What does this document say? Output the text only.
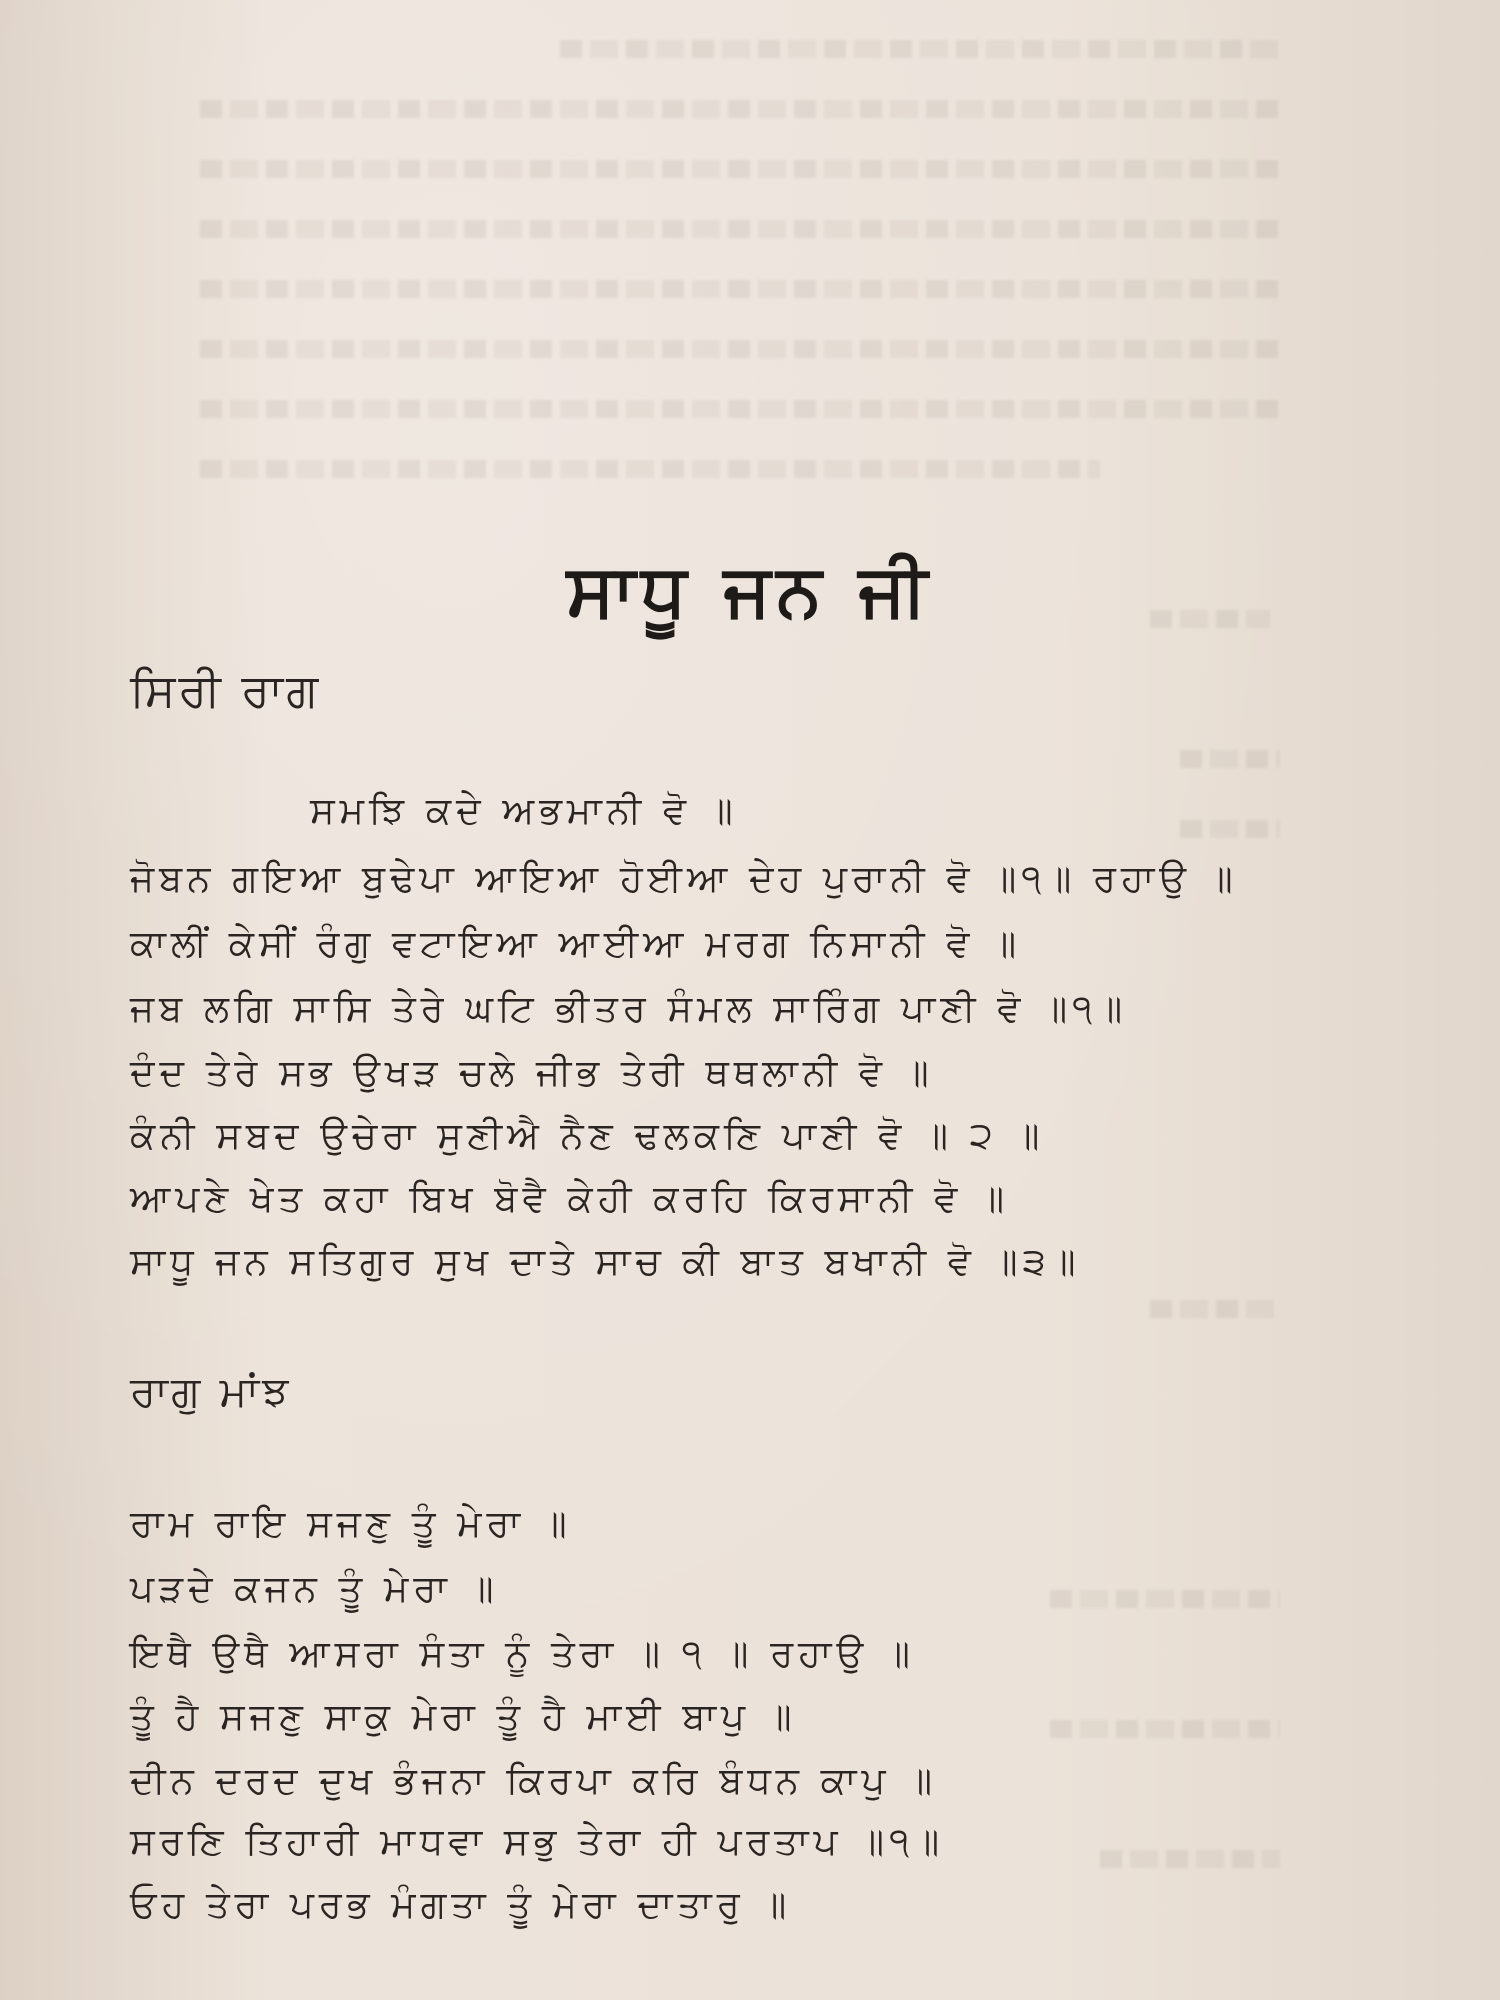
ਸਾਧੂ ਜਨ ਜੀ
ਸਿਰੀ ਰਾਗ

ਸਮਝਿ ਕਦੇ ਅਭਮਾਨੀ ਵੋ ॥

ਜੋਬਨ ਗਇਆ ਬੁਢੇਪਾ ਆਇਆ ਹੋਈਆ ਦੇਹ ਪੁਰਾਨੀ ਵੋ ॥੧॥ ਰਹਾਉ ॥

ਕਾਲੀਂ ਕੇਸੀਂ ਰੰਗੁ ਵਟਾਇਆ ਆਈਆ ਮਰਗ ਨਿਸਾਨੀ ਵੋ ॥

ਜਬ ਲਗਿ ਸਾਸਿ ਤੇਰੇ ਘਟਿ ਭੀਤਰ ਸੰਮਲ ਸਾਰਿੰਗ ਪਾਣੀ ਵੋ ॥੧॥

ਦੰਦ ਤੇਰੇ ਸਭ ਉਖੜ ਚਲੇ ਜੀਭ ਤੇਰੀ ਥਥਲਾਨੀ ਵੋ ॥

ਕੰਨੀ ਸਬਦ ਉਚੇਰਾ ਸੁਣੀਐ ਨੈਣ ਢਲਕਣਿ ਪਾਣੀ ਵੋ ॥ ੨ ॥

ਆਪਣੇ ਖੇਤ ਕਹਾ ਬਿਖ ਬੋਵੈ ਕੇਹੀ ਕਰਹਿ ਕਿਰਸਾਨੀ ਵੋ ॥

ਸਾਧੂ ਜਨ ਸਤਿਗੁਰ ਸੁਖ ਦਾਤੇ ਸਾਚ ਕੀ ਬਾਤ ਬਖਾਨੀ ਵੋ ॥੩॥

ਰਾਗੁ ਮਾਂਝ

ਰਾਮ ਰਾਇ ਸਜਣੁ ਤੂੰ ਮੇਰਾ ॥

ਪੜਦੇ ਕਜਨ ਤੂੰ ਮੇਰਾ ॥

ਇਥੈ ਉਥੈ ਆਸਰਾ ਸੰਤਾ ਨੂੰ ਤੇਰਾ ॥ ੧ ॥ ਰਹਾਉ ॥

ਤੂੰ ਹੈ ਸਜਣੁ ਸਾਕੁ ਮੇਰਾ ਤੂੰ ਹੈ ਮਾਈ ਬਾਪੁ ॥

ਦੀਨ ਦਰਦ ਦੁਖ ਭੰਜਨਾ ਕਿਰਪਾ ਕਰਿ ਬੰਧਨ ਕਾਪੁ ॥

ਸਰਣਿ ਤਿਹਾਰੀ ਮਾਧਵਾ ਸਭੁ ਤੇਰਾ ਹੀ ਪਰਤਾਪ ॥੧॥

ਓਹ ਤੇਰਾ ਪਰਭ ਮੰਗਤਾ ਤੂੰ ਮੇਰਾ ਦਾਤਾਰੁ ॥
